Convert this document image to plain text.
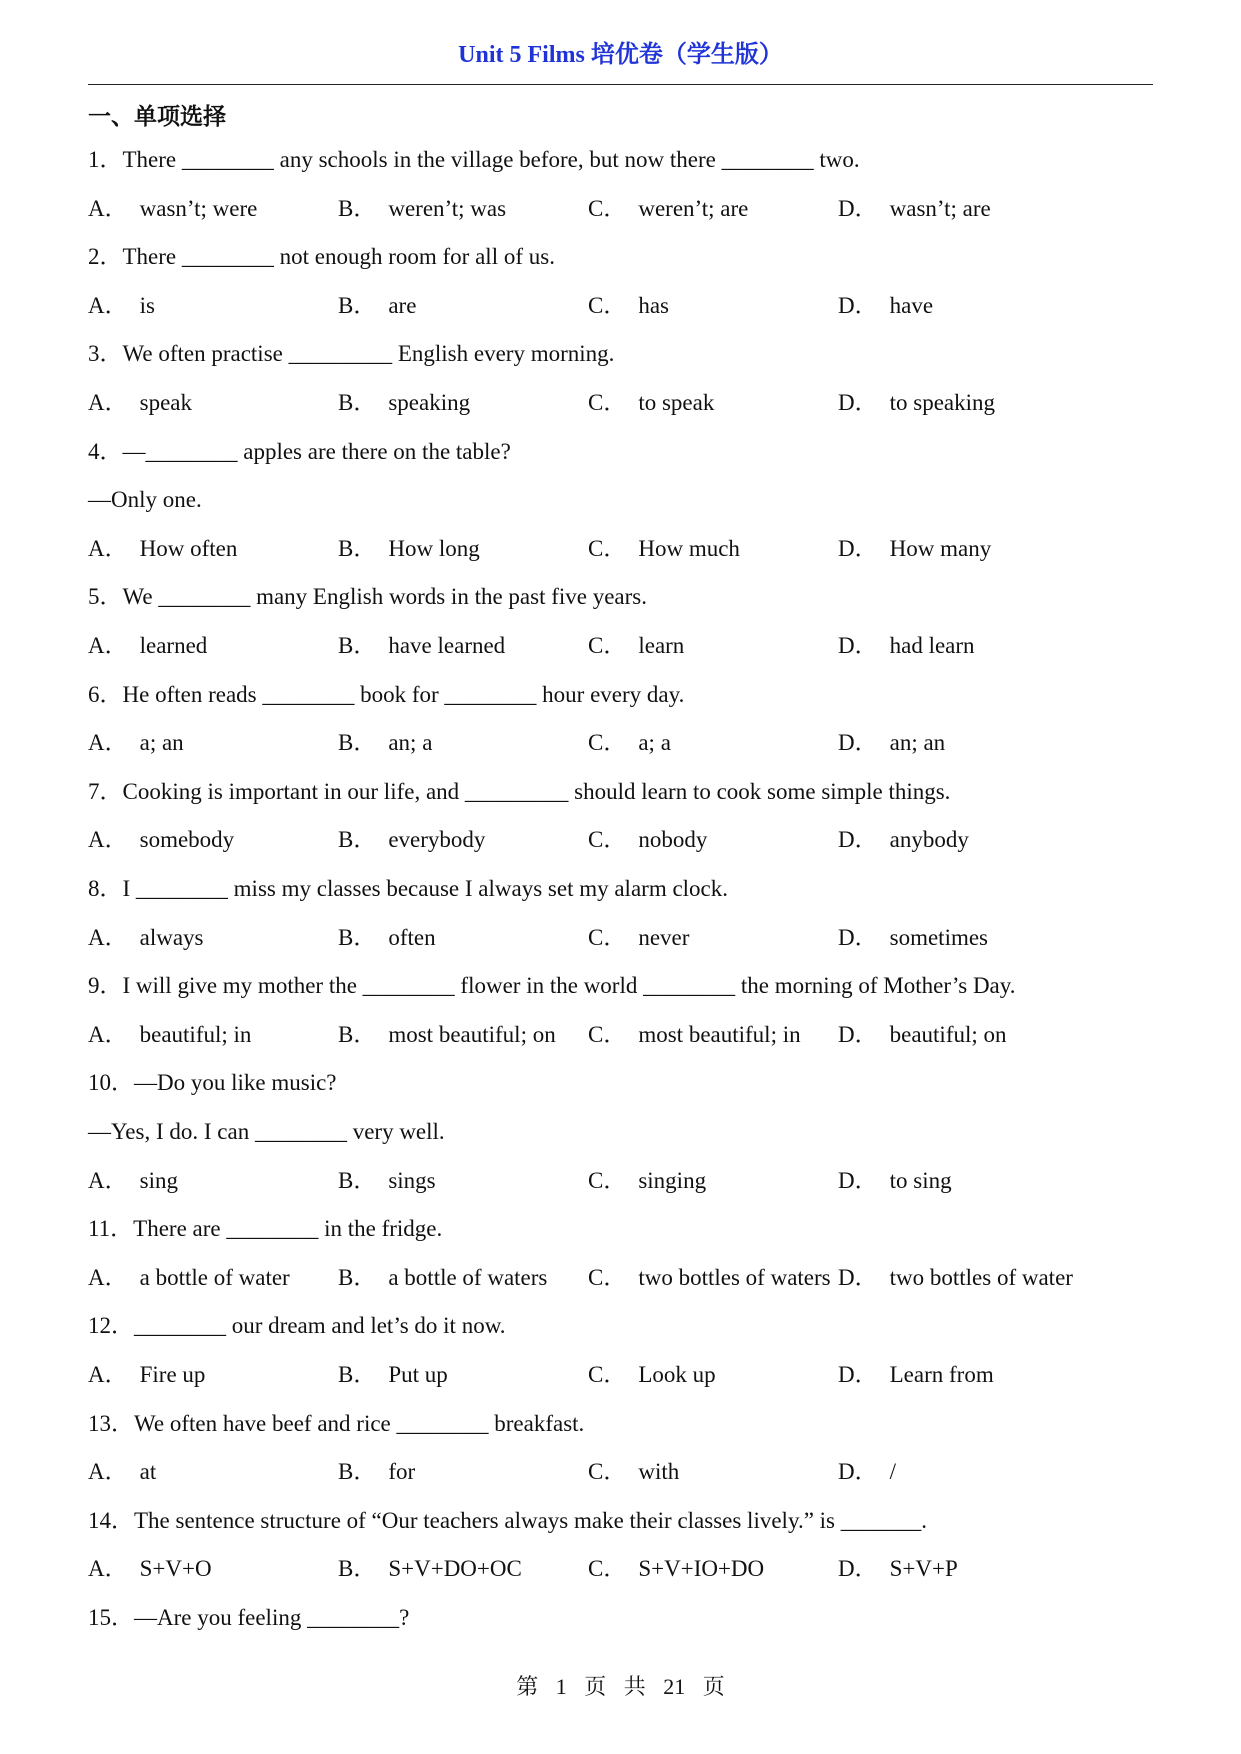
Unit 5 Films 培优卷（学生版）
一、单项选择
1．There ________ any schools in the village before, but now there ________ two.
A． wasn’t; were	B． weren’t; was	C． weren’t; are	D． wasn’t; are
2．There ________ not enough room for all of us.
A． is	B． are	C． has	D． have
3．We often practise _________ English every morning.
A． speak	B． speaking	C． to speak	D． to speaking
4．—________ apples are there on the table?
—Only one.
A． How often	B． How long	C． How much	D． How many
5．We ________ many English words in the past five years.
A． learned	B． have learned	C． learn	D． had learn
6．He often reads ________ book for ________ hour every day.
A． a; an	B． an; a	C． a; a	D． an; an
7．Cooking is important in our life, and _________ should learn to cook some simple things.
A． somebody	B． everybody	C． nobody	D． anybody
8．I ________ miss my classes because I always set my alarm clock.
A． always	B． often	C． never	D． sometimes
9．I will give my mother the ________ flower in the world ________ the morning of Mother’s Day.
A． beautiful; in	B． most beautiful; on C． most beautiful; in D． beautiful; on
10．—Do you like music?
—Yes, I do. I can ________ very well.
A． sing	B． sings	C． singing	D． to sing
11．There are ________ in the fridge.
A． a bottle of water B． a bottle of waters C． two bottles of waters D． two bottles of water
12．________ our dream and let’s do it now.
A． Fire up	B． Put up	C． Look up	D． Learn from
13．We often have beef and rice ________ breakfast.
A． at	B． for	C． with	D． /
14．The sentence structure of “Our teachers always make their classes lively.” is _______.
A． S+V+O	B． S+V+DO+OC	C． S+V+IO+DO	D． S+V+P
15．—Are you feeling ________?
第 1 页 共 21 页
